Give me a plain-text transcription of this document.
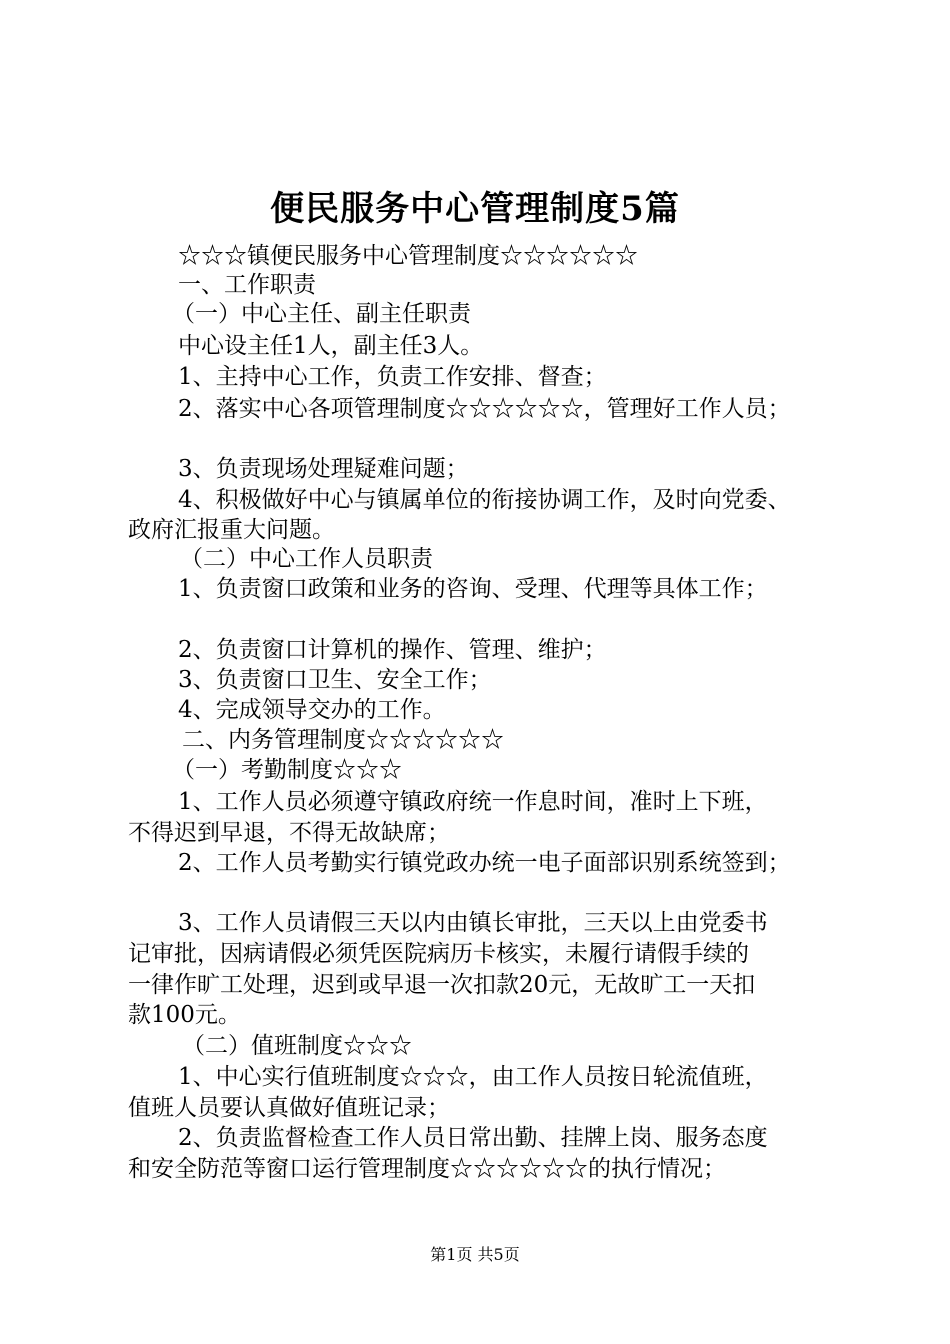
便民服务中心管理制度5篇
☆☆☆镇便民服务中心管理制度☆☆☆☆☆☆
一、工作职责
（一）中心主任、副主任职责
中心设主任1人，副主任3人。
1、主持中心工作，负责工作安排、督查；
2、落实中心各项管理制度☆☆☆☆☆☆，管理好工作人员；
3、负责现场处理疑难问题；
4、积极做好中心与镇属单位的衔接协调工作，及时向党委、
政府汇报重大问题。
（二）中心工作人员职责
1、负责窗口政策和业务的咨询、受理、代理等具体工作；
2、负责窗口计算机的操作、管理、维护；
3、负责窗口卫生、安全工作；
4、完成领导交办的工作。
二、内务管理制度☆☆☆☆☆☆
（一）考勤制度☆☆☆
1、工作人员必须遵守镇政府统一作息时间，准时上下班，
不得迟到早退，不得无故缺席；
2、工作人员考勤实行镇党政办统一电子面部识别系统签到；
3、工作人员请假三天以内由镇长审批，三天以上由党委书
记审批，因病请假必须凭医院病历卡核实，未履行请假手续的
一律作旷工处理，迟到或早退一次扣款20元，无故旷工一天扣
款100元。
（二）值班制度☆☆☆
1、中心实行值班制度☆☆☆，由工作人员按日轮流值班，
值班人员要认真做好值班记录；
2、负责监督检查工作人员日常出勤、挂牌上岗、服务态度
和安全防范等窗口运行管理制度☆☆☆☆☆☆的执行情况；
第1页 共5页
